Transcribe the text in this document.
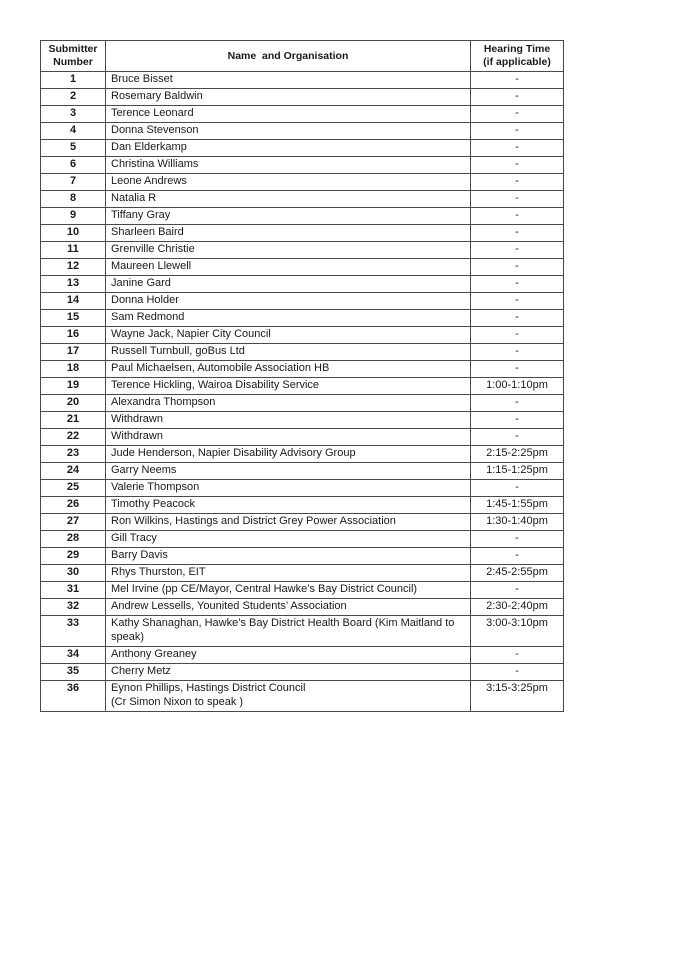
Submitter
Number	Name  and Organisation	Hearing Time
(if applicable)
1	Bruce Bisset	-
2	Rosemary Baldwin	-
3	Terence Leonard	-
4	Donna Stevenson	-
5	Dan Elderkamp	-
6	Christina Williams	-
7	Leone Andrews	-
8	Natalia R	-
9	Tiffany Gray	-
10	Sharleen Baird	-
11	Grenville Christie	-
12	Maureen Llewell	-
13	Janine Gard	-
14	Donna Holder	-
15	Sam Redmond	-
16	Wayne Jack, Napier City Council	-
17	Russell Turnbull, goBus Ltd	-
18	Paul Michaelsen, Automobile Association HB	-
19	Terence Hickling, Wairoa Disability Service	1:00-1:10pm
20	Alexandra Thompson	-
21	Withdrawn	-
22	Withdrawn	-
23	Jude Henderson, Napier Disability Advisory Group	2:15-2:25pm
24	Garry Neems	1:15-1:25pm
25	Valerie Thompson	-
26	Timothy Peacock	1:45-1:55pm
27	Ron Wilkins, Hastings and District Grey Power Association	1:30-1:40pm
28	Gill Tracy	-
29	Barry Davis	-
30	Rhys Thurston, EIT	2:45-2:55pm
31	Mel Irvine (pp CE/Mayor, Central Hawke’s Bay District Council)	-
32	Andrew Lessells, Younited Students’ Association	2:30-2:40pm
33	Kathy Shanaghan, Hawke’s Bay District Health Board (Kim Maitland to speak)	3:00-3:10pm
34	Anthony Greaney	-
35	Cherry Metz	-
36	Eynon Phillips, Hastings District Council
(Cr Simon Nixon to speak )	3:15-3:25pm
